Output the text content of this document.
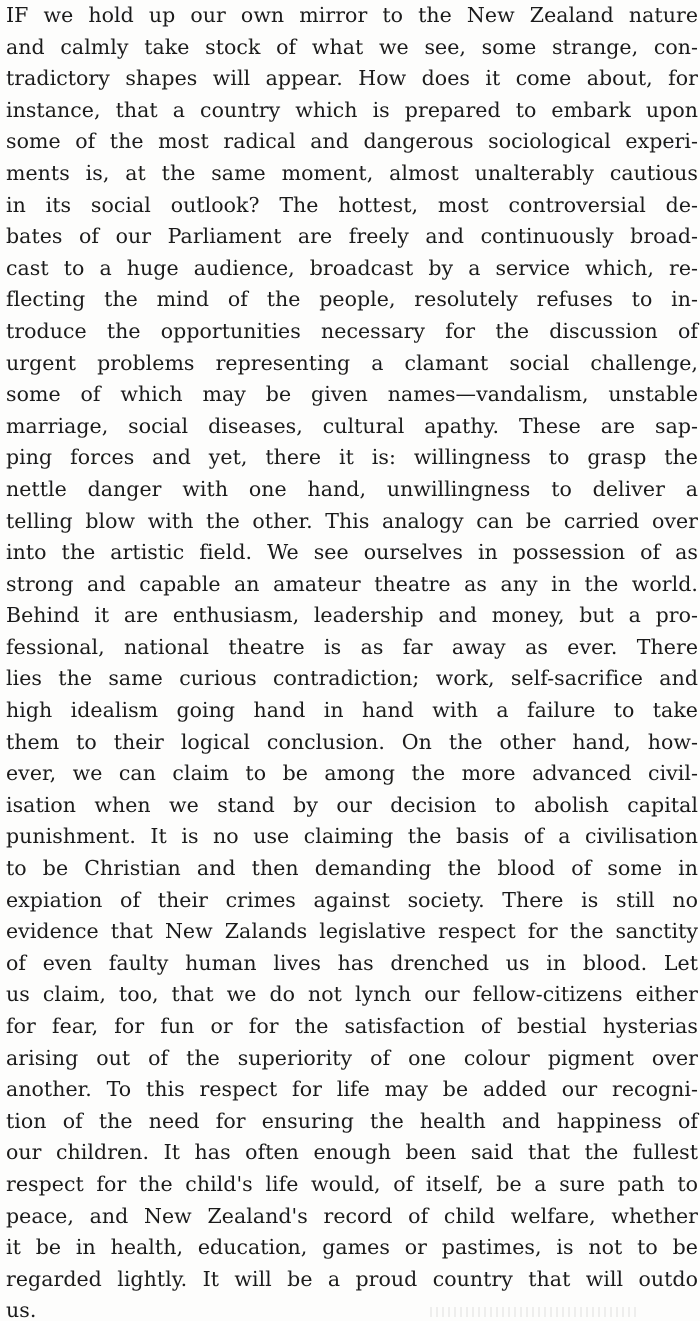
IF we hold up our own mirror to the New Zealand nature
and calmly take stock of what we see, some strange, con-
tradictory shapes will appear. How does it come about, for
instance, that a country which is prepared to embark upon
some of the most radical and dangerous sociological experi-
ments is, at the same moment, almost unalterably cautious
in its social outlook? The hottest, most controversial de-
bates of our Parliament are freely and continuously broad-
cast to a huge audience, broadcast by a service which, re-
flecting the mind of the people, resolutely refuses to in-
troduce the opportunities necessary for the discussion of
urgent problems representing a clamant social challenge,
some of which may be given names—vandalism, unstable
marriage, social diseases, cultural apathy. These are sap-
ping forces and yet, there it is: willingness to grasp the
nettle danger with one hand, unwillingness to deliver a
telling blow with the other. This analogy can be carried over
into the artistic field. We see ourselves in possession of as
strong and capable an amateur theatre as any in the world.
Behind it are enthusiasm, leadership and money, but a pro-
fessional, national theatre is as far away as ever. There
lies the same curious contradiction; work, self-sacrifice and
high idealism going hand in hand with a failure to take
them to their logical conclusion. On the other hand, how-
ever, we can claim to be among the more advanced civil-
isation when we stand by our decision to abolish capital
punishment. It is no use claiming the basis of a civilisation
to be Christian and then demanding the blood of some in
expiation of their crimes against society. There is still no
evidence that New Zalands legislative respect for the sanctity
of even faulty human lives has drenched us in blood. Let
us claim, too, that we do not lynch our fellow-citizens either
for fear, for fun or for the satisfaction of bestial hysterias
arising out of the superiority of one colour pigment over
another. To this respect for life may be added our recogni-
tion of the need for ensuring the health and happiness of
our children. It has often enough been said that the fullest
respect for the child's life would, of itself, be a sure path to
peace, and New Zealand's record of child welfare, whether
it be in health, education, games or pastimes, is not to be
regarded lightly. It will be a proud country that will outdo
us.
